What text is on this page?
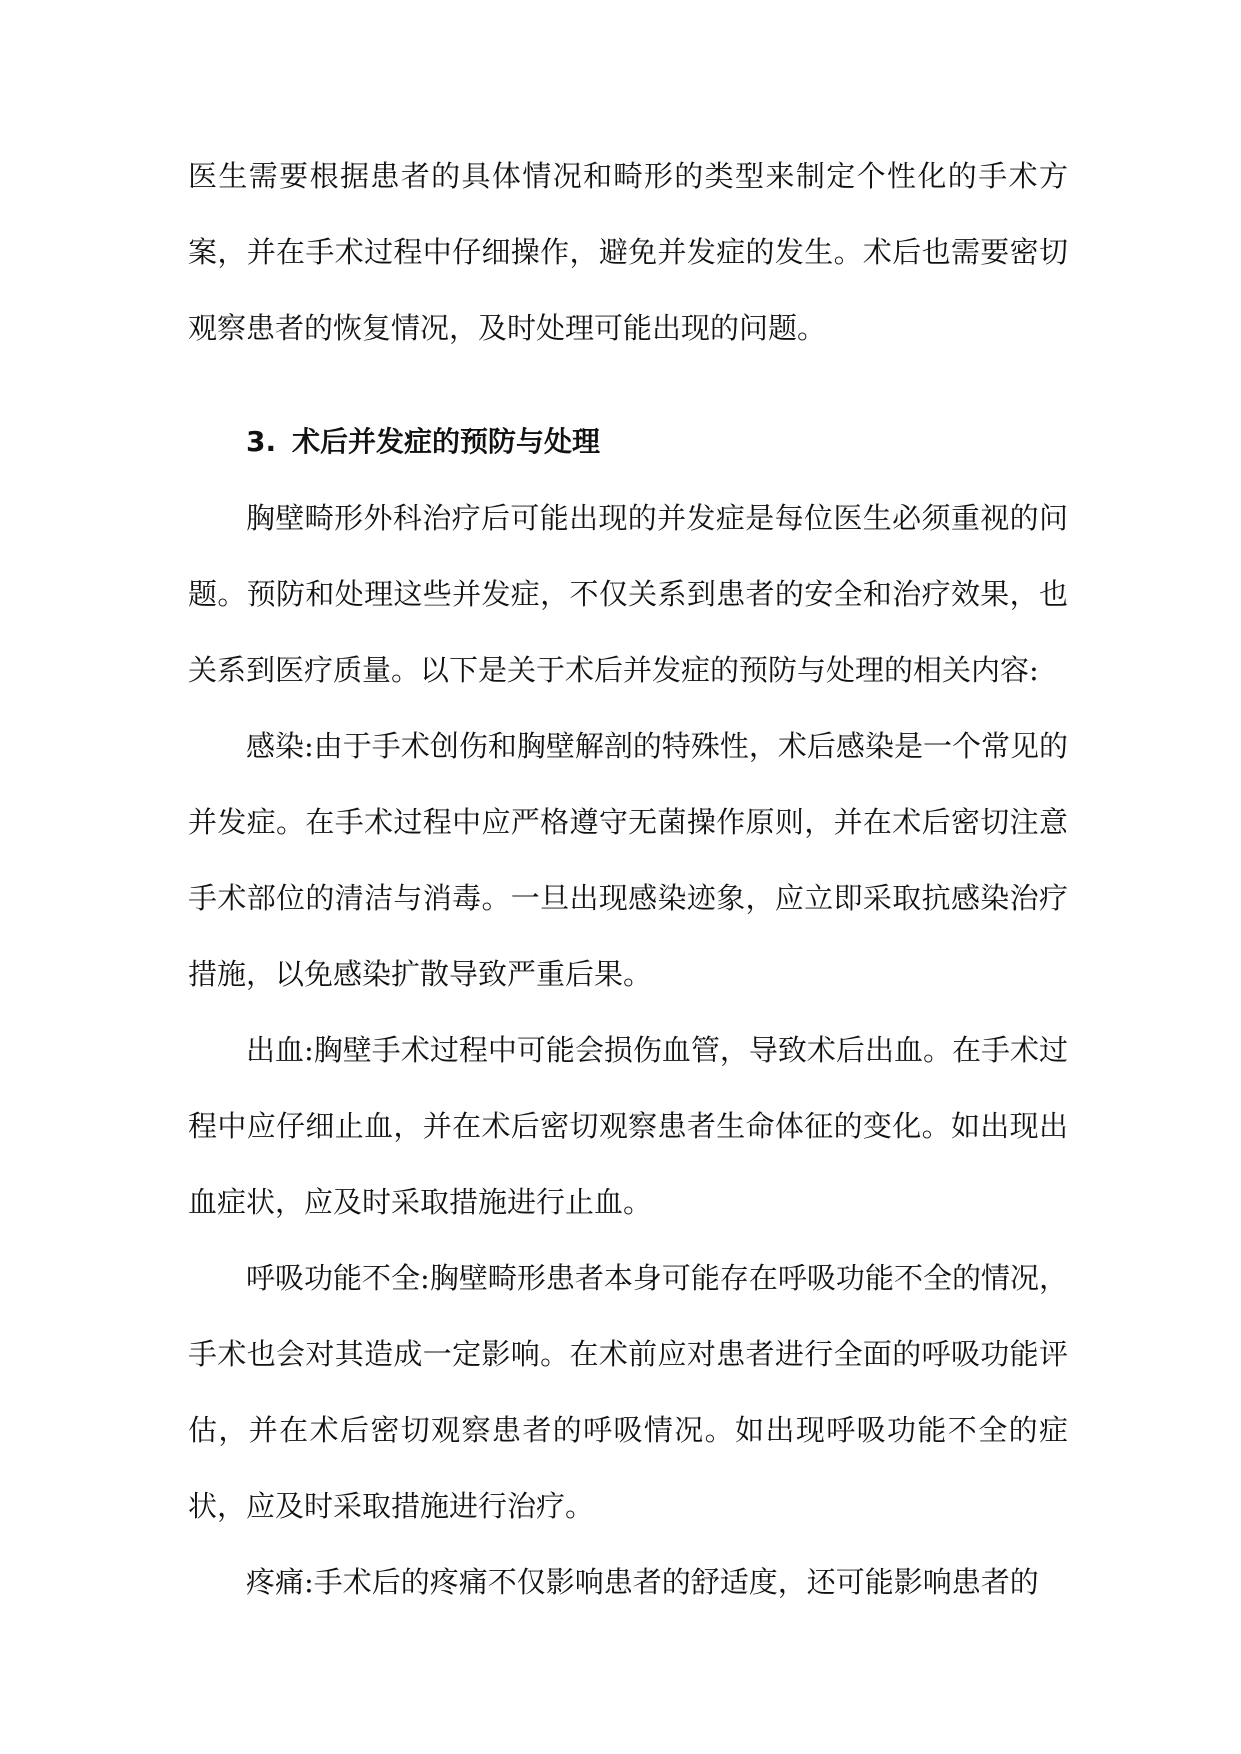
医生需要根据患者的具体情况和畸形的类型来制定个性化的手术方案，并在手术过程中仔细操作，避免并发症的发生。术后也需要密切观察患者的恢复情况，及时处理可能出现的问题。

3. 术后并发症的预防与处理

胸壁畸形外科治疗后可能出现的并发症是每位医生必须重视的问题。预防和处理这些并发症，不仅关系到患者的安全和治疗效果，也关系到医疗质量。以下是关于术后并发症的预防与处理的相关内容:

感染:由于手术创伤和胸壁解剖的特殊性，术后感染是一个常见的并发症。在手术过程中应严格遵守无菌操作原则，并在术后密切注意手术部位的清洁与消毒。一旦出现感染迹象，应立即采取抗感染治疗措施，以免感染扩散导致严重后果。

出血:胸壁手术过程中可能会损伤血管，导致术后出血。在手术过程中应仔细止血，并在术后密切观察患者生命体征的变化。如出现出血症状，应及时采取措施进行止血。

呼吸功能不全:胸壁畸形患者本身可能存在呼吸功能不全的情况，手术也会对其造成一定影响。在术前应对患者进行全面的呼吸功能评估，并在术后密切观察患者的呼吸情况。如出现呼吸功能不全的症状，应及时采取措施进行治疗。

疼痛:手术后的疼痛不仅影响患者的舒适度，还可能影响患者的
